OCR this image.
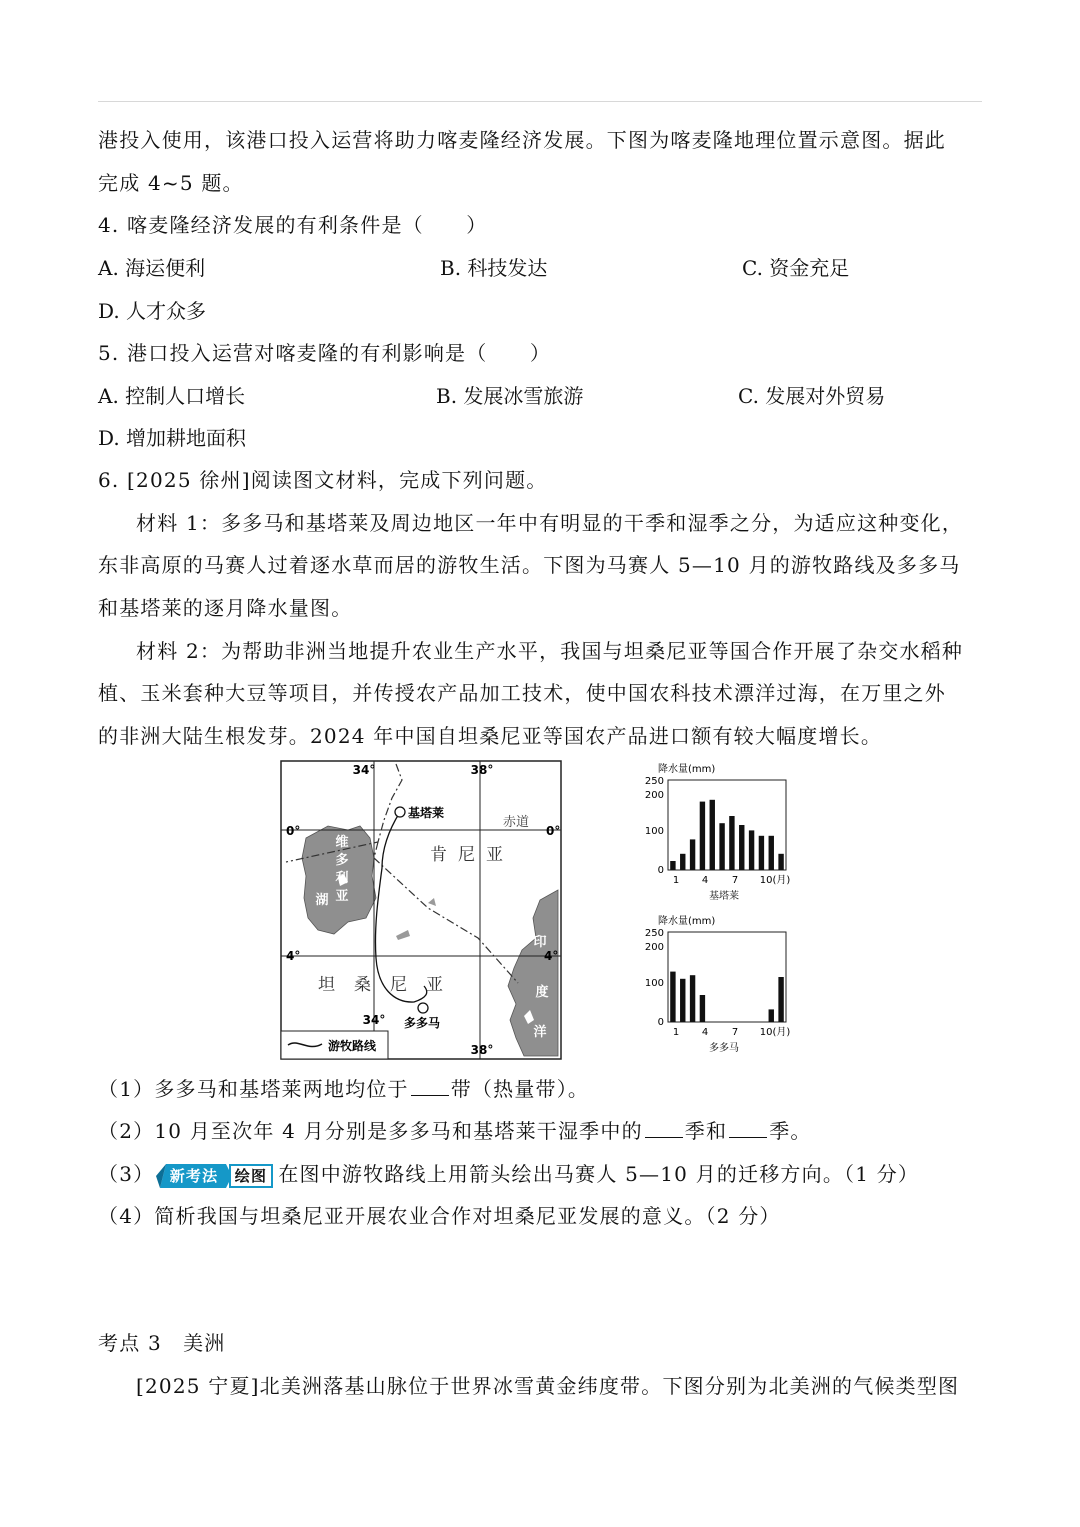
港投入使用，该港口投入运营将助力喀麦隆经济发展。下图为喀麦隆地理位置示意图。据此
完成 4~5 题。
4. 喀麦隆经济发展的有利条件是（　　）
A. 海运便利	B. 科技发达	C. 资金充足
D. 人才众多
5. 港口投入运营对喀麦隆的有利影响是（　　）
A. 控制人口增长	B. 发展冰雪旅游	C. 发展对外贸易
D. 增加耕地面积
6. [2025 徐州]阅读图文材料，完成下列问题。
材料 1：多多马和基塔莱及周边地区一年中有明显的干季和湿季之分，为适应这种变化，
东非高原的马赛人过着逐水草而居的游牧生活。下图为马赛人 5—10 月的游牧路线及多多马
和基塔莱的逐月降水量图。
材料 2：为帮助非洲当地提升农业生产水平，我国与坦桑尼亚等国合作开展了杂交水稻种
植、玉米套种大豆等项目，并传授农产品加工技术，使中国农科技术漂洋过海，在万里之外
的非洲大陆生根发芽。2024 年中国自坦桑尼亚等国农产品进口额有较大幅度增长。
34°	38°
0°	0°
4°	4°
34°
38°
赤道
基塔莱
多多马
肯 尼 亚
坦 桑 尼 亚
维
多
利
亚
湖
印
度
洋
游牧路线
降水量(mm)
250
200
100
0
1 4 7 10(月)
基塔莱
降水量(mm)
250
200
100
0
1 4 7 10(月)
多多马
（1）多多马和基塔莱两地均位于 带（热量带）。
（2）10 月至次年 4 月分别是多多马和基塔莱干湿季中的 季和 季。
（3） 新考法 绘图 在图中游牧路线上用箭头绘出马赛人 5—10 月的迁移方向。（1 分）
（4）简析我国与坦桑尼亚开展农业合作对坦桑尼亚发展的意义。（2 分）
考点 3　美洲
[2025 宁夏]北美洲落基山脉位于世界冰雪黄金纬度带。下图分别为北美洲的气候类型图
